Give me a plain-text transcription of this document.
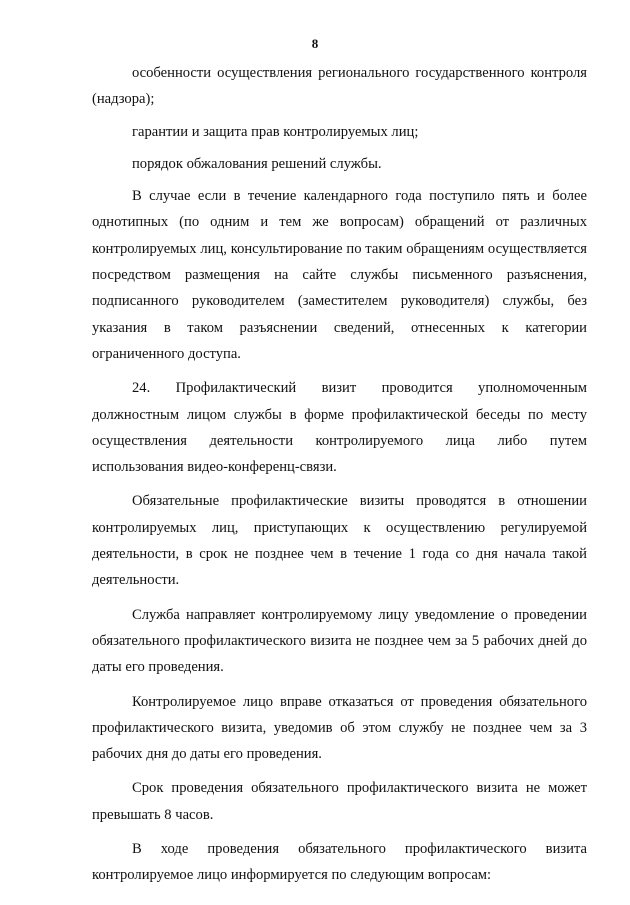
8

особенности осуществления регионального государственного контроля (надзора);

гарантии и защита прав контролируемых лиц;

порядок обжалования решений службы.

В случае если в течение календарного года поступило пять и более однотипных (по одним и тем же вопросам) обращений от различных контролируемых лиц, консультирование по таким обращениям осуществляется посредством размещения на сайте службы письменного разъяснения, подписанного руководителем (заместителем руководителя) службы, без указания в таком разъяснении сведений, отнесенных к категории ограниченного доступа.

24. Профилактический визит проводится уполномоченным должностным лицом службы в форме профилактической беседы по месту осуществления деятельности контролируемого лица либо путем использования видео-конференц-связи.

Обязательные профилактические визиты проводятся в отношении контролируемых лиц, приступающих к осуществлению регулируемой деятельности, в срок не позднее чем в течение 1 года со дня начала такой деятельности.

Служба направляет контролируемому лицу уведомление о проведении обязательного профилактического визита не позднее чем за 5 рабочих дней до даты его проведения.

Контролируемое лицо вправе отказаться от проведения обязательного профилактического визита, уведомив об этом службу не позднее чем за 3 рабочих дня до даты его проведения.

Срок проведения обязательного профилактического визита не может превышать 8 часов.

В ходе проведения обязательного профилактического визита контролируемое лицо информируется по следующим вопросам:
